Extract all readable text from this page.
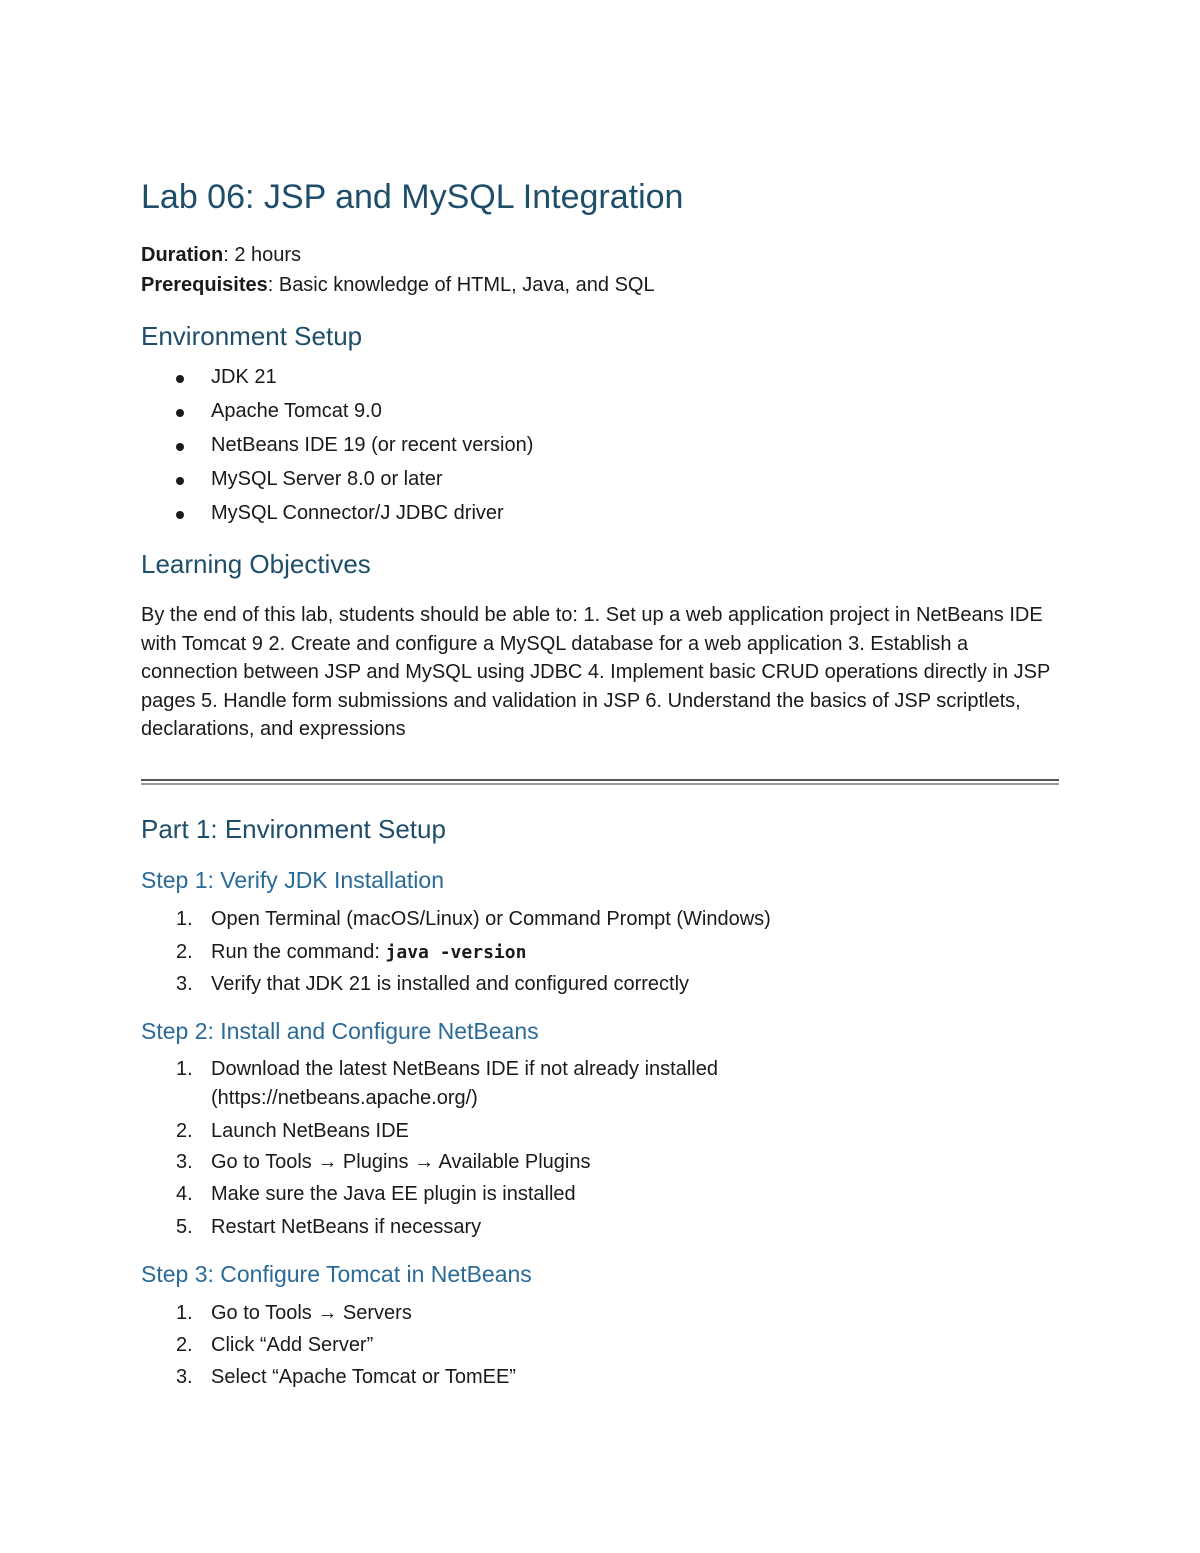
Lab 06: JSP and MySQL Integration
Duration: 2 hours
Prerequisites: Basic knowledge of HTML, Java, and SQL
Environment Setup
JDK 21
Apache Tomcat 9.0
NetBeans IDE 19 (or recent version)
MySQL Server 8.0 or later
MySQL Connector/J JDBC driver
Learning Objectives

By the end of this lab, students should be able to: 1. Set up a web application project in NetBeans IDE with Tomcat 9 2. Create and configure a MySQL database for a web application 3. Establish a connection between JSP and MySQL using JDBC 4. Implement basic CRUD operations directly in JSP pages 5. Handle form submissions and validation in JSP 6. Understand the basics of JSP scriptlets, declarations, and expressions

Part 1: Environment Setup
Step 1: Verify JDK Installation
1. Open Terminal (macOS/Linux) or Command Prompt (Windows)
2. Run the command: java -version
3. Verify that JDK 21 is installed and configured correctly
Step 2: Install and Configure NetBeans
1. Download the latest NetBeans IDE if not already installed
(https://netbeans.apache.org/)
2. Launch NetBeans IDE
3. Go to Tools → Plugins → Available Plugins
4. Make sure the Java EE plugin is installed
5. Restart NetBeans if necessary
Step 3: Configure Tomcat in NetBeans
1. Go to Tools → Servers
2. Click “Add Server”
3. Select “Apache Tomcat or TomEE”
